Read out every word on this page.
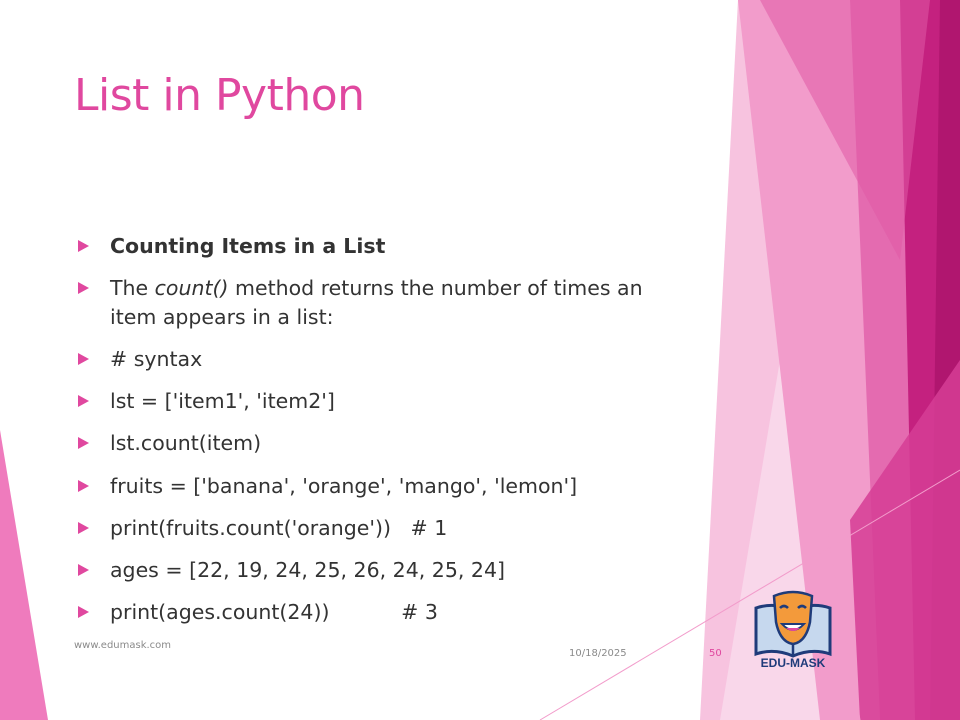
List in Python
Counting Items in a List
The count() method returns the number of times an
item appears in a list:
# syntax
lst = ['item1', 'item2']
lst.count(item)
fruits = ['banana', 'orange', 'mango', 'lemon']
print(fruits.count('orange'))   # 1
ages = [22, 19, 24, 25, 26, 24, 25, 24]
print(ages.count(24))           # 3
www.edumask.com
10/18/2025	50
EDU-MASK
